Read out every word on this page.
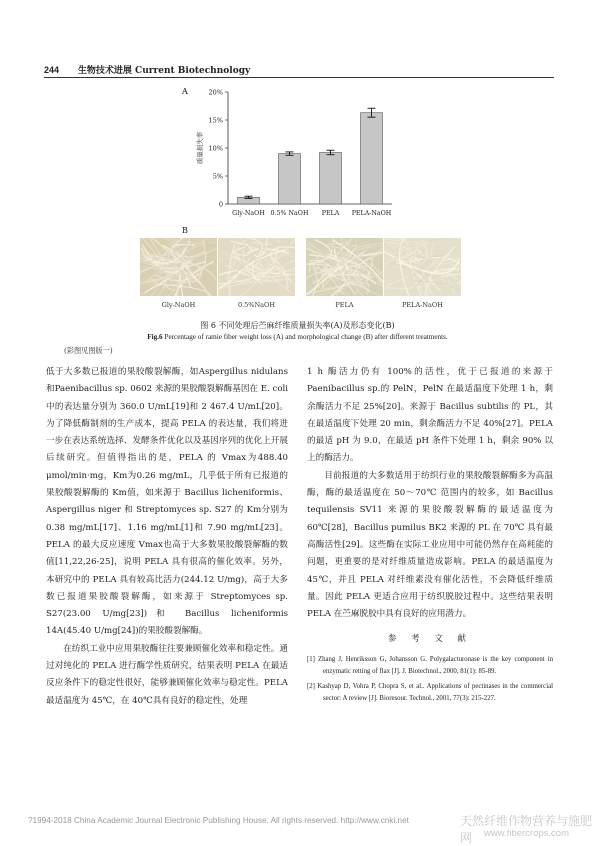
244 生物技术进展 Current Biotechnology
A
0
5%
10%
15%
20%
质量损失率
Gly-NaOH 0.5% NaOH PELA PELA-NaOH
B
Gly-NaOH	0.5%NaOH	PELA	PELA-NaOH
图 6 不同处理后苎麻纤维质量损失率(A)及形态变化(B)
Fig.6 Percentage of ramie fiber weight loss (A) and morphological change (B) after different treatments.
(彩图见图版一)

低于大多数已报道的果胶酸裂解酶，如Aspergillus nidulans 和Paenibacillus sp. 0602 来源的果胶酸裂解酶基因在 E. coli 中的表达量分别为 360.0 U/mL[19]和 2 467.4 U/mL[20]。为了降低酶制剂的生产成本，提高 PELA 的表达量，我们将进一步在表达系统选择、发酵条件优化以及基因序列的优化上开展后续研究。但值得指出的是，PELA 的 Vmax为488.40 μmol/min·mg，Km为0.26 mg/mL，几乎低于所有已报道的果胶酸裂解酶的 Km值，如来源于 Bacillus licheniformis、Aspergillus niger 和 Streptomyces sp. S27 的 Km分别为0.38 mg/mL[17]、1.16 mg/mL[1]和 7.90 mg/mL[23]。PELA 的最大反应速度 Vmax也高于大多数果胶酸裂解酶的数值[11,22,26-25]，说明 PELA 具有很高的催化效率。另外，本研究中的 PELA 具有较高比活力(244.12 U/mg)，高于大多数已报道果胶酸裂解酶，如来源于 Streptomyces sp. S27(23.00 U/mg[23])和 Bacillus licheniformis 14A(45.40 U/mg[24])的果胶酸裂解酶。

在纺织工业中应用果胶酶往往要兼顾催化效率和稳定性。通过对纯化的 PELA 进行酶学性质研究，结果表明 PELA 在最适反应条件下的稳定性很好，能够兼顾催化效率与稳定性。PELA 最适温度为 45℃，在 40℃具有良好的稳定性，处理

1 h 酶活力仍有 100%的活性，优于已报道的来源于 Paenibacillus sp.的 PelN，PelN 在最适温度下处理 1 h，剩余酶活力不足 25%[20]。来源于 Bacillus subtilis 的 PL，其在最适温度下处理 20 min，剩余酶活力不足 40%[27]。PELA 的最适 pH 为 9.0，在最适 pH 条件下处理 1 h，剩余 90% 以上的酶活力。

目前报道的大多数适用于纺织行业的果胶酸裂解酶多为高温酶，酶的最适温度在 50～70℃ 范围内的较多，如 Bacillus tequilensis SV11 来源的果胶酸裂解酶的最适温度为 60℃[28]，Bacillus pumilus BK2 来源的 PL 在 70℃ 具有最高酶活性[29]。这些酶在实际工业应用中可能仍然存在高耗能的问题，更重要的是对纤维质量造成影响。PELA 的最适温度为 45℃，并且 PELA 对纤维素没有催化活性，不会降低纤维质量。因此 PELA 更适合应用于纺织脱胶过程中。这些结果表明 PELA 在苎麻脱胶中具有良好的应用潜力。

参 考 文 献
[1] Zhang J, Henriksson G, Johansson G. Polygalacturonase is the key component in enzymatic retting of flax [J]. J. Biotechnol., 2000, 81(1): 85-89.
[2] Kashyap D, Vohra P, Chopra S, et al.. Applications of pectinases in the commercial sector: A review [J]. Bioresour. Technol., 2001, 77(3): 215-227.
?1994-2018 China Academic Journal Electronic Publishing House. All rights reserved. http://www.cnki.net	天然纤维作物营养与施肥网	www.fibercrops.com
